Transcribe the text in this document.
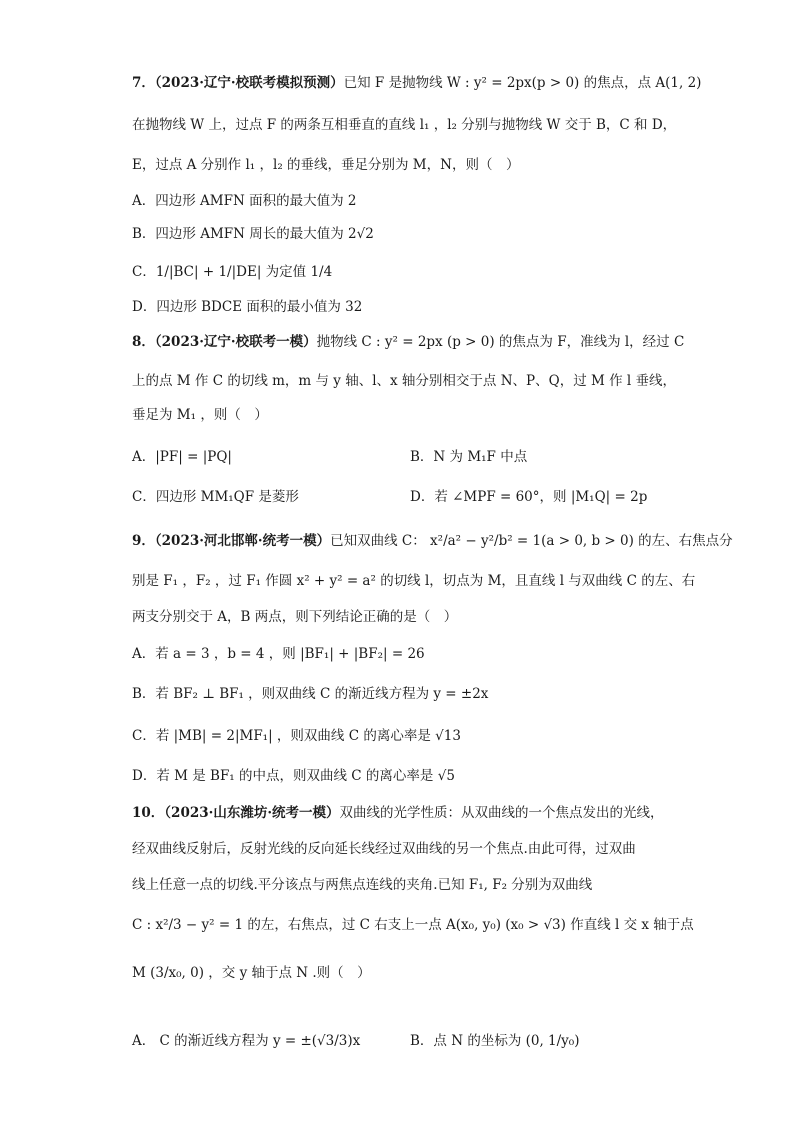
7．（2023·辽宁·校联考模拟预测）已知 F 是抛物线 W : y² = 2px(p > 0) 的焦点，点 A(1, 2)
在抛物线 W 上，过点 F 的两条互相垂直的直线 l₁ ，l₂ 分别与抛物线 W 交于 B，C 和 D，
E，过点 A 分别作 l₁ ，l₂ 的垂线，垂足分别为 M，N，则（　）
A．四边形 AMFN 面积的最大值为 2
B．四边形 AMFN 周长的最大值为 2√2
C．1/|BC| + 1/|DE| 为定值 1/4
D．四边形 BDCE 面积的最小值为 32
8．（2023·辽宁·校联考一模）抛物线 C : y² = 2px (p > 0) 的焦点为 F，准线为 l，经过 C
上的点 M 作 C 的切线 m，m 与 y 轴、l、x 轴分别相交于点 N、P、Q，过 M 作 l 垂线，
垂足为 M₁ ，则（　）
A．|PF| = |PQ|	B．N 为 M₁F 中点
C．四边形 MM₁QF 是菱形	D．若 ∠MPF = 60°，则 |M₁Q| = 2p
9．（2023·河北邯郸·统考一模）已知双曲线 C： x²/a² − y²/b² = 1(a > 0, b > 0) 的左、右焦点分
别是 F₁ ，F₂ ，过 F₁ 作圆 x² + y² = a² 的切线 l，切点为 M，且直线 l 与双曲线 C 的左、右
两支分别交于 A，B 两点，则下列结论正确的是（　）
A．若 a = 3 ，b = 4 ，则 |BF₁| + |BF₂| = 26
B．若 BF₂ ⊥ BF₁ ，则双曲线 C 的渐近线方程为 y = ±2x
C．若 |MB| = 2|MF₁| ，则双曲线 C 的离心率是 √13
D．若 M 是 BF₁ 的中点，则双曲线 C 的离心率是 √5
10．（2023·山东潍坊·统考一模）双曲线的光学性质：从双曲线的一个焦点发出的光线，
经双曲线反射后，反射光线的反向延长线经过双曲线的另一个焦点.由此可得，过双曲
线上任意一点的切线.平分该点与两焦点连线的夹角.已知 F₁, F₂ 分别为双曲线
C : x²/3 − y² = 1 的左，右焦点，过 C 右支上一点 A(x₀, y₀) (x₀ > √3) 作直线 l 交 x 轴于点
M (3/x₀, 0) ，交 y 轴于点 N .则（　）
A． C 的渐近线方程为 y = ±(√3/3)x	B．点 N 的坐标为 (0, 1/y₀)
